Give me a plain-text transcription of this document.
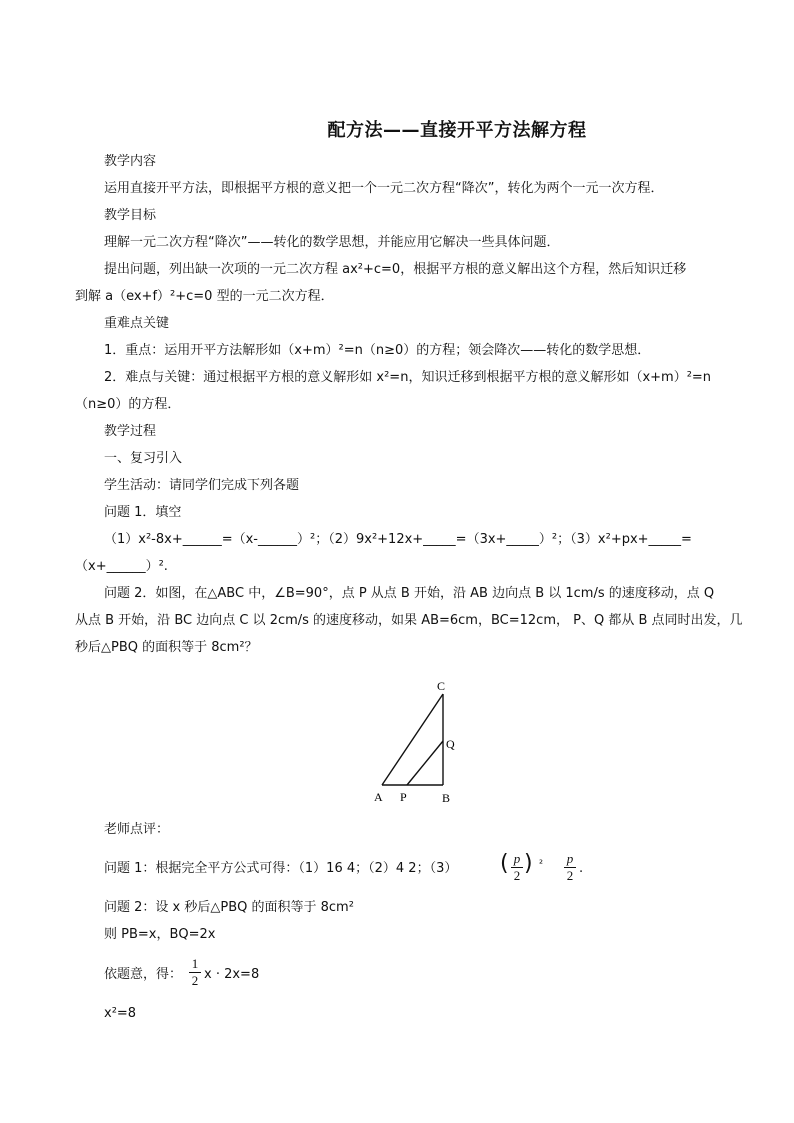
配方法——直接开平方法解方程
教学内容
运用直接开平方法，即根据平方根的意义把一个一元二次方程“降次”，转化为两个一元一次方程．
教学目标
理解一元二次方程“降次”——转化的数学思想，并能应用它解决一些具体问题．
提出问题，列出缺一次项的一元二次方程 ax²+c=0，根据平方根的意义解出这个方程，然后知识迁移
到解 a（ex+f）²+c=0 型的一元二次方程．
重难点关键
1．重点：运用开平方法解形如（x+m）²=n（n≥0）的方程；领会降次——转化的数学思想．
2．难点与关键：通过根据平方根的意义解形如 x²=n，知识迁移到根据平方根的意义解形如（x+m）²=n
（n≥0）的方程．
教学过程
一、复习引入
学生活动：请同学们完成下列各题
问题 1．填空
（1）x²-8x+______=（x-______）²；（2）9x²+12x+_____=（3x+_____）²；（3）x²+px+_____=
（x+______）².
问题 2．如图，在△ABC 中，∠B=90°，点 P 从点 B 开始，沿 AB 边向点 B 以 1cm/s 的速度移动，点 Q
从点 B 开始，沿 BC 边向点 C 以 2cm/s 的速度移动，如果 AB=6cm，BC=12cm， P、Q 都从 B 点同时出发，几
秒后△PBQ 的面积等于 8cm²？
C
Q
A P	B
老师点评：
问题 1：根据完全平方公式可得：（1）16 4；（2）4 2；（3） ( p
2 ) ² p
2 .
问题 2：设 x 秒后△PBQ 的面积等于 8cm²
则 PB=x，BQ=2x
依题意，得：
1
2 x · 2x=8
x²=8
